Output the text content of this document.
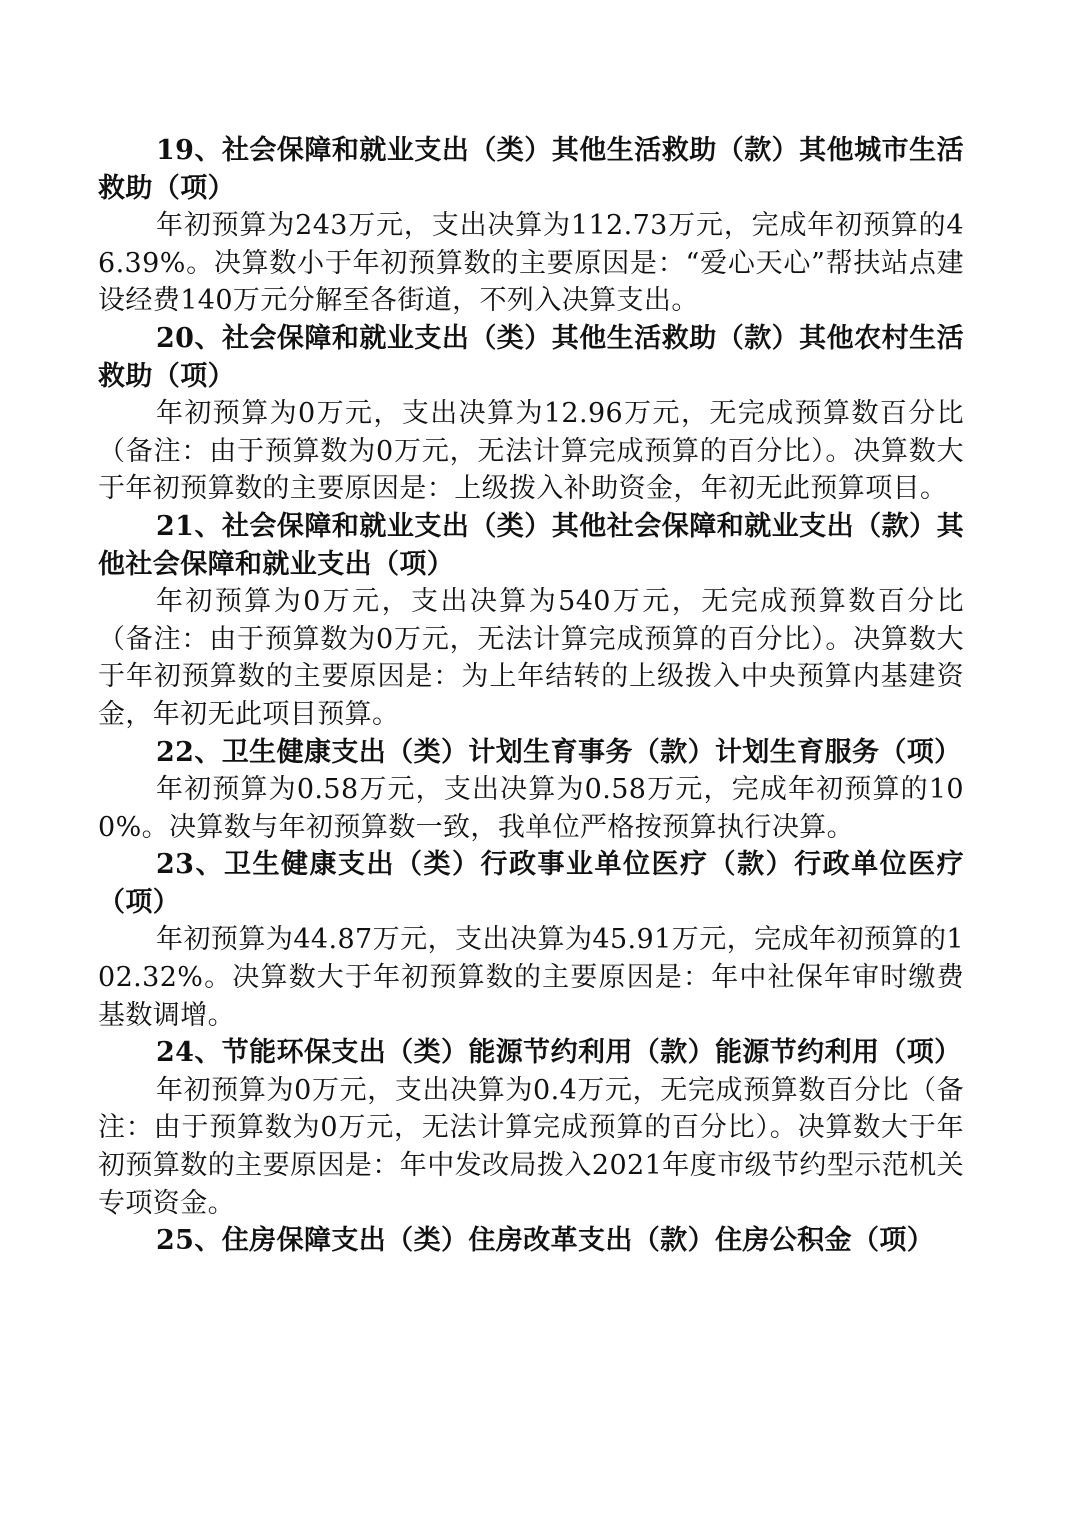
19、社会保障和就业支出（类）其他生活救助（款）其他城市生活救助（项）

年初预算为243万元，支出决算为112.73万元，完成年初预算的46.39%。决算数小于年初预算数的主要原因是：“爱心天心”帮扶站点建设经费140万元分解至各街道，不列入决算支出。

20、社会保障和就业支出（类）其他生活救助（款）其他农村生活救助（项）

年初预算为0万元，支出决算为12.96万元，无完成预算数百分比（备注：由于预算数为0万元，无法计算完成预算的百分比）。决算数大于年初预算数的主要原因是：上级拨入补助资金，年初无此预算项目。

21、社会保障和就业支出（类）其他社会保障和就业支出（款）其他社会保障和就业支出（项）

年初预算为0万元，支出决算为540万元，无完成预算数百分比（备注：由于预算数为0万元，无法计算完成预算的百分比）。决算数大于年初预算数的主要原因是：为上年结转的上级拨入中央预算内基建资金，年初无此项目预算。

22、卫生健康支出（类）计划生育事务（款）计划生育服务（项）

年初预算为0.58万元，支出决算为0.58万元，完成年初预算的100%。决算数与年初预算数一致，我单位严格按预算执行决算。

23、卫生健康支出（类）行政事业单位医疗（款）行政单位医疗（项）

年初预算为44.87万元，支出决算为45.91万元，完成年初预算的102.32%。决算数大于年初预算数的主要原因是：年中社保年审时缴费基数调增。

24、节能环保支出（类）能源节约利用（款）能源节约利用（项）

年初预算为0万元，支出决算为0.4万元，无完成预算数百分比（备注：由于预算数为0万元，无法计算完成预算的百分比）。决算数大于年初预算数的主要原因是：年中发改局拨入2021年度市级节约型示范机关专项资金。

25、住房保障支出（类）住房改革支出（款）住房公积金（项）
